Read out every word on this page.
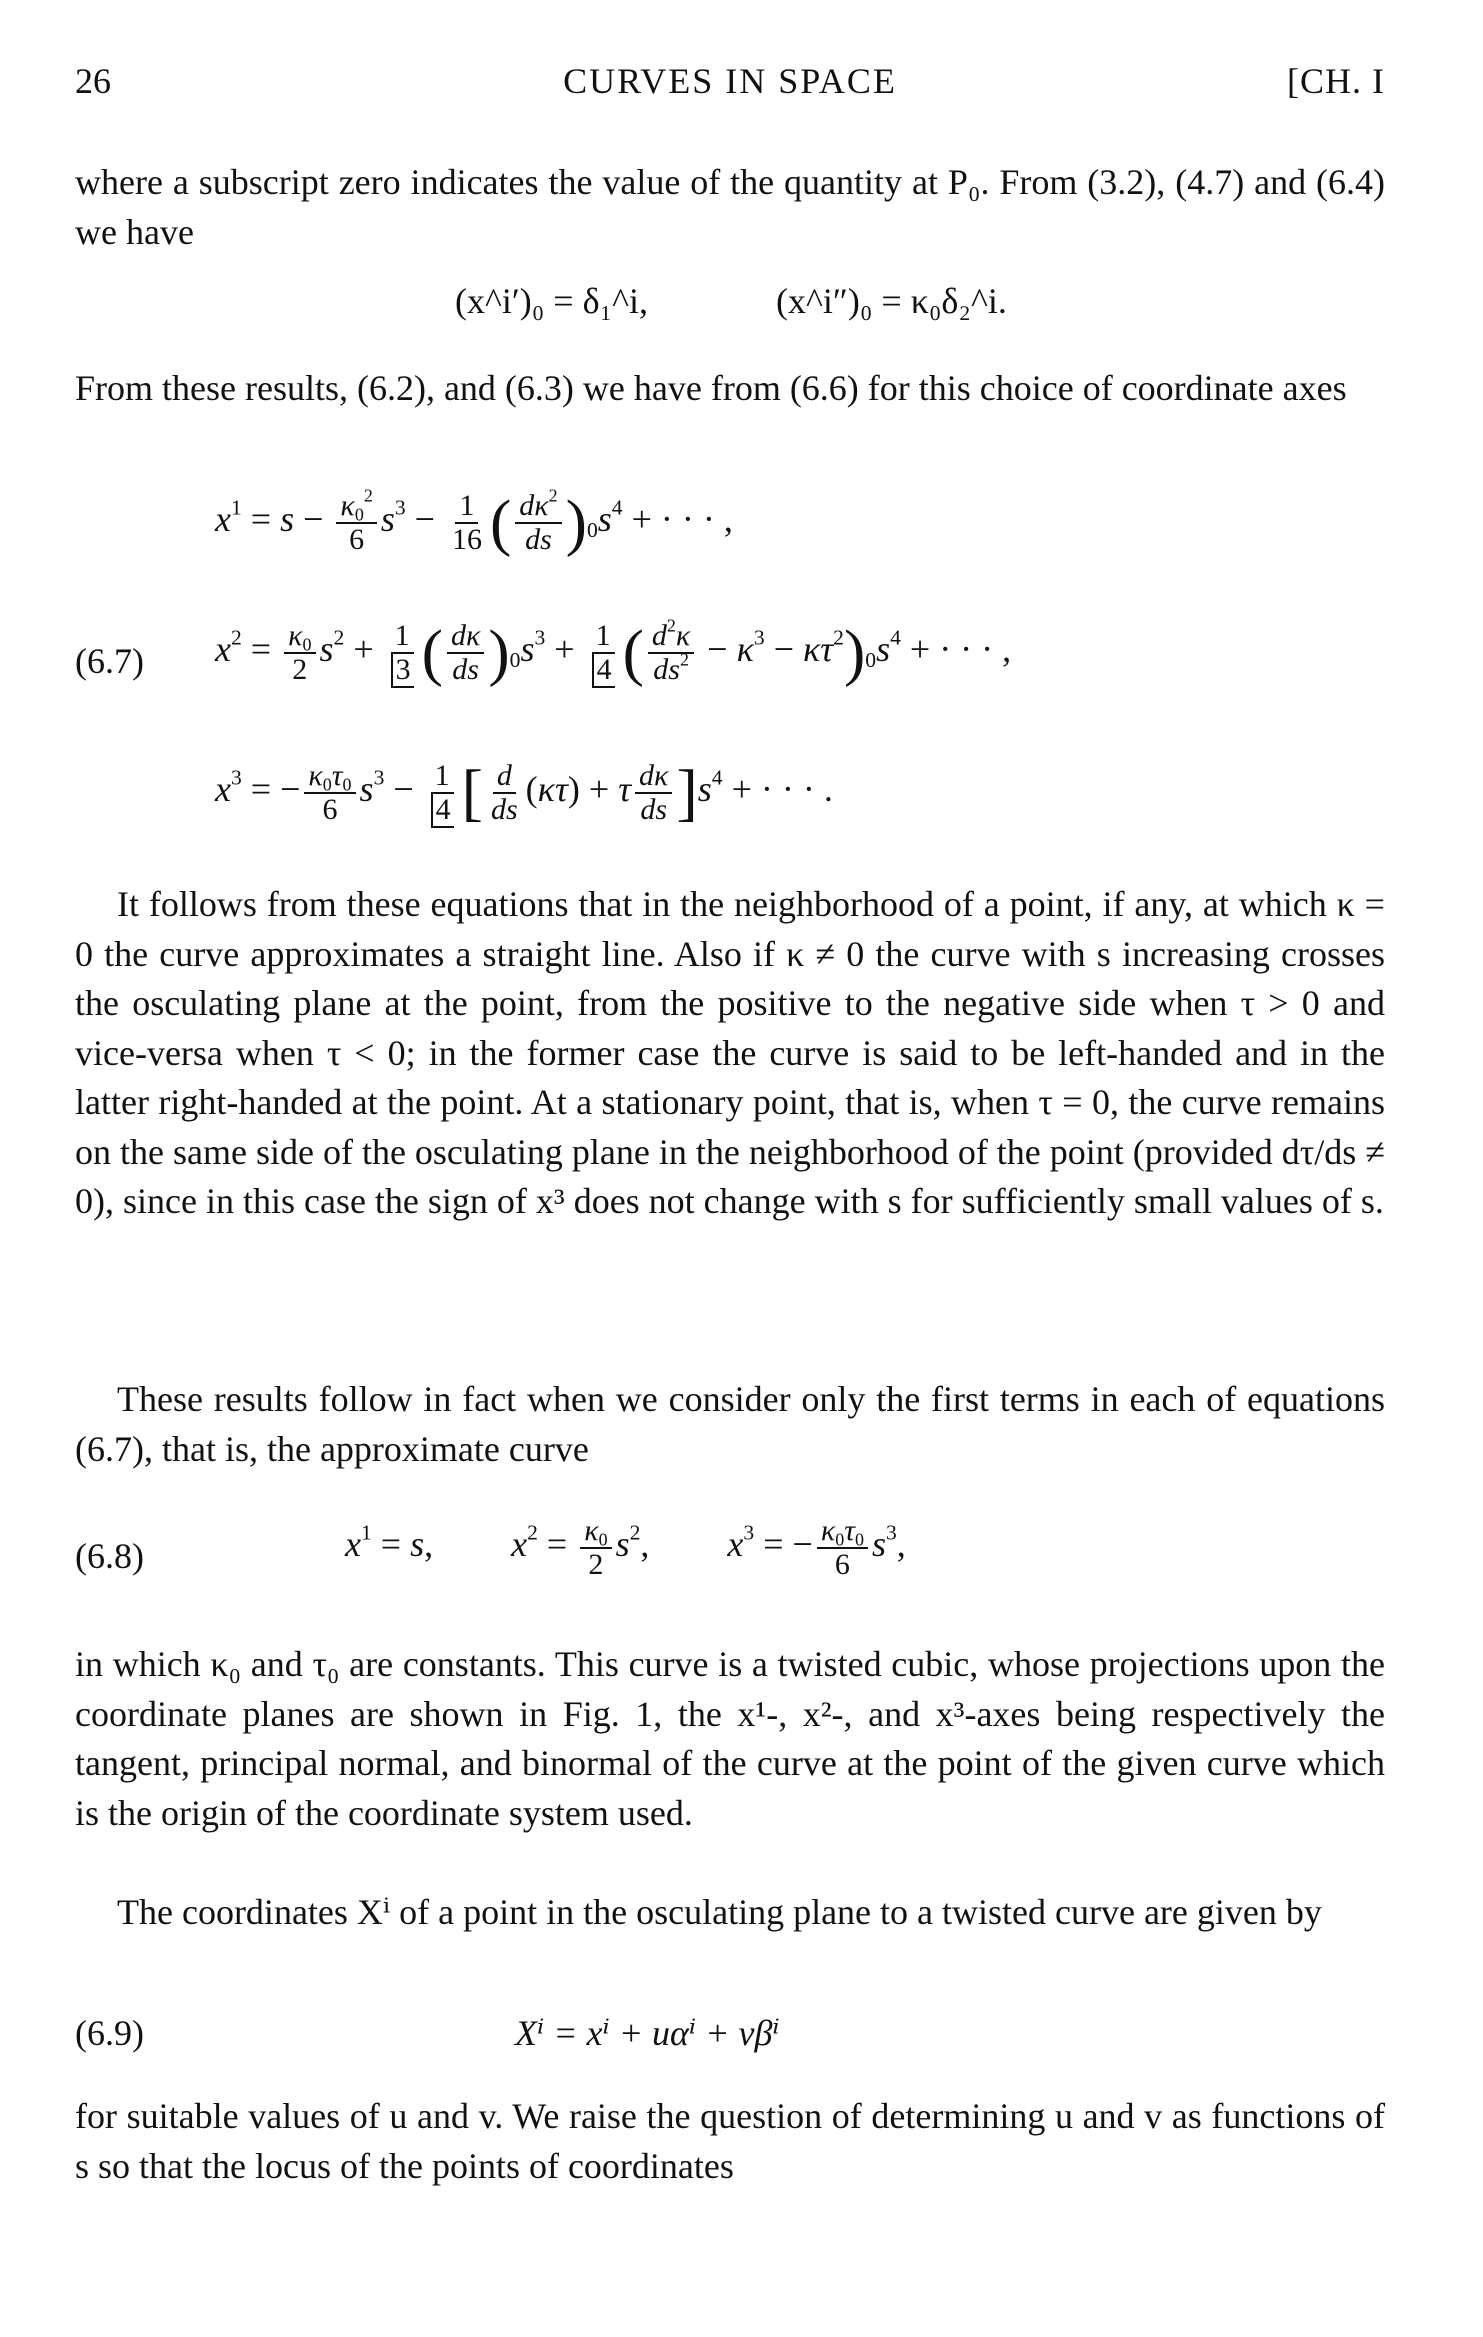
26	CURVES IN SPACE	[CH. I

where a subscript zero indicates the value of the quantity at P₀. From (3.2), (4.7) and (6.4) we have

(x^i′)₀ = δ₁^i,	(x^i″)₀ = κ₀δ₂^i.

From these results, (6.2), and (6.3) we have from (6.6) for this choice of coordinate axes

$x^1 = s - \frac{\kappa_0^2}{6} s^3 - \frac{1}{16}$ ( $\frac{d\kappa^2}{ds} )_0s^4$ + · · · ,
(6.7) $x^2 = \frac{\kappa_0}{2} s^2 + \frac{1}{3}$ ( $\frac{d\kappa}{ds} )_0s^3 + \frac{1}{4}$ ( $\frac{d^2\kappa}{ds^2} - \kappa^3 - \kappa\tau^2)_0s^4$ + · · · ,
$x^3$ = − $\frac{\kappa_0\tau_0}{6} s^3 - \frac{1}{4}$ [ $\frac{d}{ds} (\kappa\tau) + \tau \frac{d\kappa}{ds} ]s^4$ + · · · .

It follows from these equations that in the neighborhood of a point, if any, at which κ = 0 the curve approximates a straight line. Also if κ ≠ 0 the curve with s increasing crosses the osculating plane at the point, from the positive to the negative side when τ > 0 and vice-versa when τ < 0; in the former case the curve is said to be left-handed and in the latter right-handed at the point. At a stationary point, that is, when τ = 0, the curve remains on the same side of the osculating plane in the neighborhood of the point (provided dτ/ds ≠ 0), since in this case the sign of x³ does not change with s for sufficiently small values of s.

These results follow in fact when we consider only the first terms in each of equations (6.7), that is, the approximate curve

(6.8)	$x^1 = s$,  $x^2 = \frac{\kappa_0}{2} s^2$,  $x^3$ = − $\frac{\kappa_0\tau_0}{6} s^3$,

in which κ₀ and τ₀ are constants. This curve is a twisted cubic, whose projections upon the coordinate planes are shown in Fig. 1, the x¹-, x²-, and x³-axes being respectively the tangent, principal normal, and binormal of the curve at the point of the given curve which is the origin of the coordinate system used.

The coordinates Xⁱ of a point in the osculating plane to a twisted curve are given by

(6.9)	Xⁱ = xⁱ + uαⁱ + vβⁱ

for suitable values of u and v. We raise the question of determining u and v as functions of s so that the locus of the points of coordinates
